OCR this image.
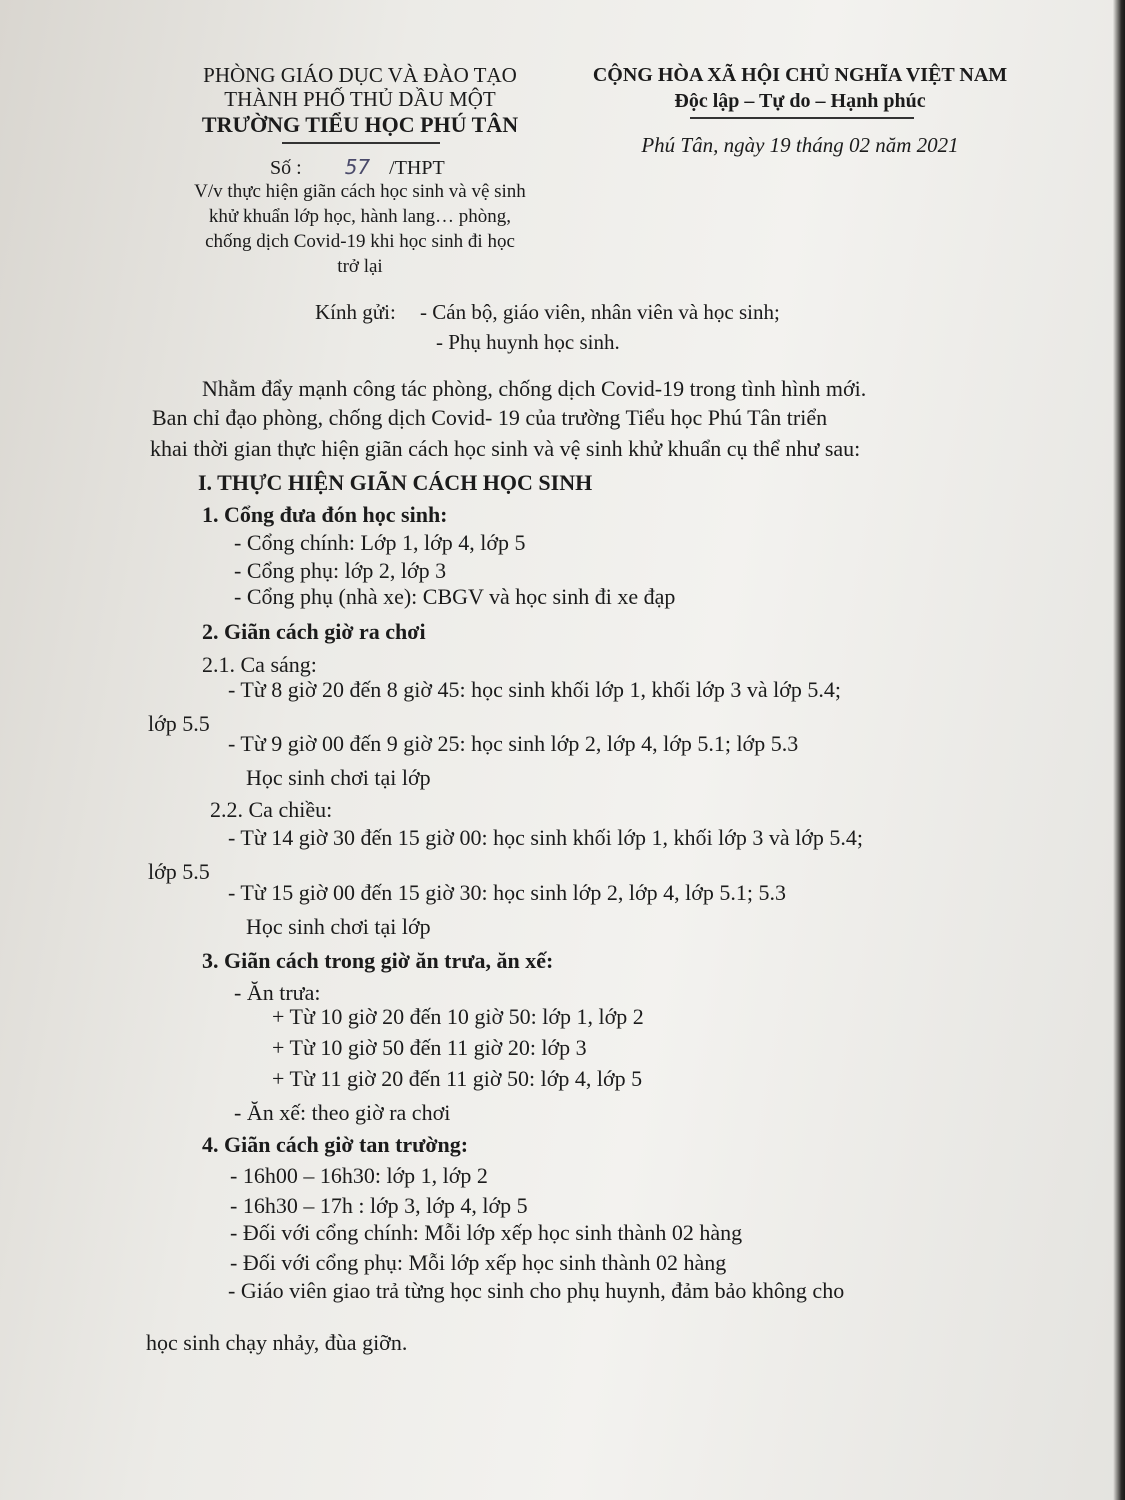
PHÒNG GIÁO DỤC VÀ ĐÀO TẠO

THÀNH PHỐ THỦ DẦU MỘT

TRƯỜNG TIỂU HỌC PHÚ TÂN

Số : 57 /THPT

V/v thực hiện giãn cách học sinh và vệ sinh

khử khuẩn lớp học, hành lang… phòng,

chống dịch Covid-19 khi học sinh đi học

trở lại

CỘNG HÒA XÃ HỘI CHỦ NGHĨA VIỆT NAM

Độc lập – Tự do – Hạnh phúc

Phú Tân, ngày 19 tháng 02 năm 2021

Kính gửi: - Cán bộ, giáo viên, nhân viên và học sinh;

- Phụ huynh học sinh.

Nhằm đẩy mạnh công tác phòng, chống dịch Covid-19 trong tình hình mới.

Ban chỉ đạo phòng, chống dịch Covid- 19 của trường Tiểu học Phú Tân triển

khai thời gian thực hiện giãn cách học sinh và vệ sinh khử khuẩn cụ thể như sau:

I. THỰC HIỆN GIÃN CÁCH HỌC SINH

1. Cổng đưa đón học sinh:

- Cổng chính: Lớp 1, lớp 4, lớp 5

- Cổng phụ: lớp 2, lớp 3

- Cổng phụ (nhà xe): CBGV và học sinh đi xe đạp

2. Giãn cách giờ ra chơi

2.1. Ca sáng:

- Từ 8 giờ 20 đến 8 giờ 45: học sinh khối lớp 1, khối lớp 3 và lớp 5.4;

lớp 5.5

- Từ 9 giờ 00 đến 9 giờ 25: học sinh lớp 2, lớp 4, lớp 5.1; lớp 5.3

Học sinh chơi tại lớp

2.2. Ca chiều:

- Từ 14 giờ 30 đến 15 giờ 00: học sinh khối lớp 1, khối lớp 3 và lớp 5.4;

lớp 5.5

- Từ 15 giờ 00 đến 15 giờ 30: học sinh lớp 2, lớp 4, lớp 5.1; 5.3

Học sinh chơi tại lớp

3. Giãn cách trong giờ ăn trưa, ăn xế:

- Ăn trưa:

+ Từ 10 giờ 20 đến 10 giờ 50: lớp 1, lớp 2

+ Từ 10 giờ 50 đến 11 giờ 20: lớp 3

+ Từ 11 giờ 20 đến 11 giờ 50: lớp 4, lớp 5

- Ăn xế: theo giờ ra chơi

4. Giãn cách giờ tan trường:

- 16h00 – 16h30: lớp 1, lớp 2

- 16h30 – 17h : lớp 3, lớp 4, lớp 5

- Đối với cổng chính: Mỗi lớp xếp học sinh thành 02 hàng

- Đối với cổng phụ: Mỗi lớp xếp học sinh thành 02 hàng

- Giáo viên giao trả từng học sinh cho phụ huynh, đảm bảo không cho

học sinh chạy nhảy, đùa giỡn.
